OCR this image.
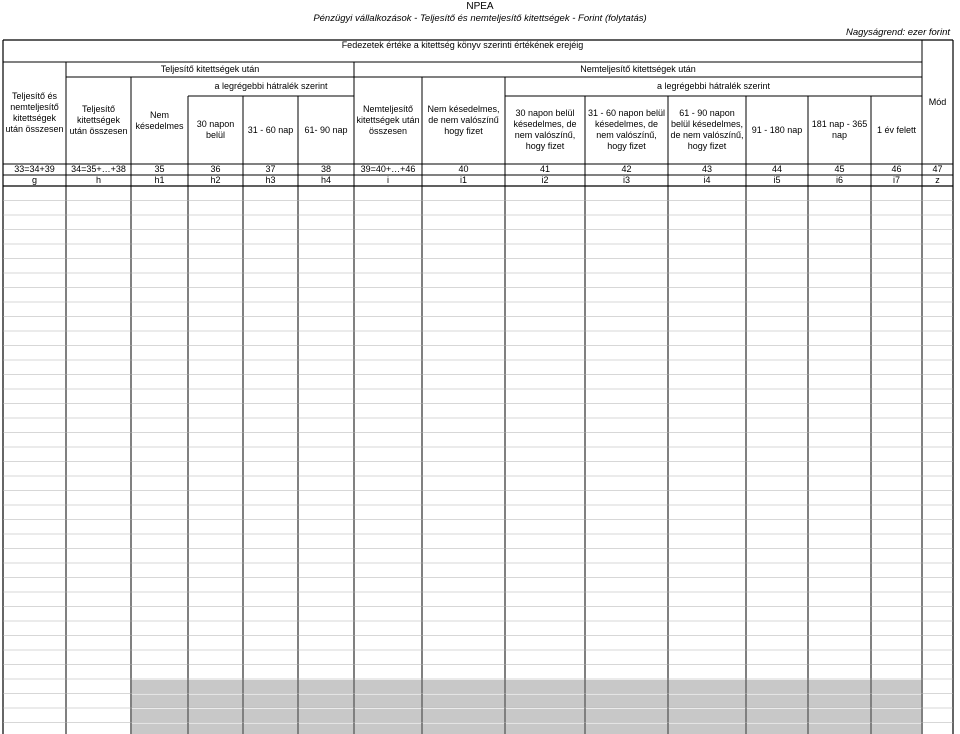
NPEA
Pénzügyi vállalkozások - Teljesítő és nemteljesítő kitettségek - Forint (folytatás)
Nagyságrend: ezer forint
Fedezetek értéke a kitettség könyv szerinti értékének erejéig
Teljesítő kitettségek után	Nemteljesítő kitettségek után
a legrégebbi hátralék szerint	a legrégebbi hátralék szerint
Teljesítő és nemteljesítő kitettségek után összesen
33=34+39
g
Teljesítő kitettségek után összesen
34=35+…+38
h
Nem késedelmes
35
h1
30 napon belül
36
h2
31 - 60 nap
37
h3
61- 90 nap
38
h4
Nemteljesítő kitettségek után összesen
39=40+…+46
i
Nem késedelmes, de nem valószínű hogy fizet
40
i1
30 napon belül késedelmes, de nem valószínű, hogy fizet
41
i2
31 - 60 napon belül késedelmes, de nem valószínű, hogy fizet
42
i3
61 - 90 napon belül késedelmes, de nem valószínű, hogy fizet
43
i4
91 - 180 nap
44
i5
181 nap - 365 nap
45
i6
1 év felett
46
i7
Mód
47
z
